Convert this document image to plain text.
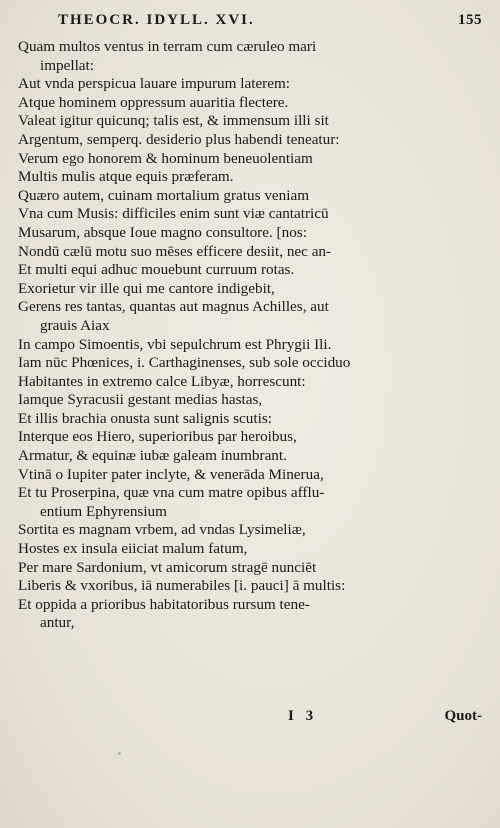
THEOCR. IDYLL. XVI.	155
Quam multos ventus in terram cum cæruleo mari
impellat:
Aut vnda perspicua lauare impurum laterem:
Atque hominem oppressum auaritia flectere.
Valeat igitur quicunq; talis est, & immensum illi sit
Argentum, semperq. desiderio plus habendi teneatur:
Verum ego honorem & hominum beneuolentiam
Multis mulis atque equis præferam.
Quæro autem, cuinam mortalium gratus veniam
Vna cum Musis: difficiles enim sunt viæ cantatricū
Musarum, absque Ioue magno consultore. [nos:
Nondū cælū motu suo mēses efficere desiit, nec an-
Et multi equi adhuc mouebunt curruum rotas.
Exorietur vir ille qui me cantore indigebit,
Gerens res tantas, quantas aut magnus Achilles, aut
grauis Aiax
In campo Simoentis, vbi sepulchrum est Phrygii Ili.
Iam nūc Phœnices, i. Carthaginenses, sub sole occiduo
Habitantes in extremo calce Libyæ, horrescunt:
Iamque Syracusii gestant medias hastas,
Et illis brachia onusta sunt salignis scutis:
Interque eos Hiero, superioribus par heroibus,
Armatur, & equinæ iubæ galeam inumbrant.
Vtinā o Iupiter pater inclyte, & venerāda Minerua,
Et tu Proserpina, quæ vna cum matre opibus afflu-
entium Ephyrensium
Sortita es magnam vrbem, ad vndas Lysimeliæ,
Hostes ex insula eiiciat malum fatum,
Per mare Sardonium, vt amicorum stragē nunciēt
Liberis & vxoribus, iā numerabiles [i. pauci] ā multis:
Et oppida a prioribus habitatoribus rursum tene-
antur,
I 3	Quot-
